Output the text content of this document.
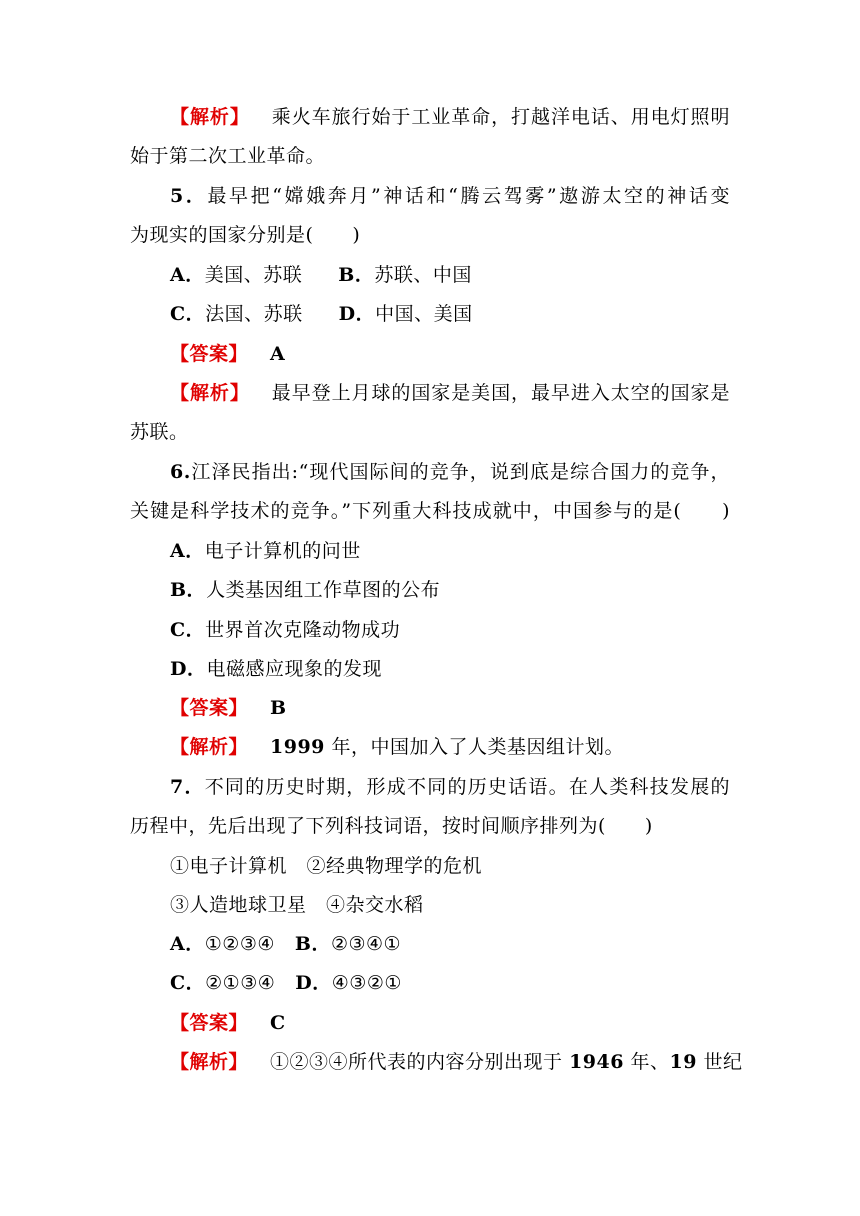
【解析】 乘火车旅行始于工业革命，打越洋电话、用电灯照明
始于第二次工业革命。
5．最早把“嫦娥奔月”神话和“腾云驾雾”遨游太空的神话变
为现实的国家分别是(　　)
A．美国、苏联 B．苏联、中国
C．法国、苏联 D．中国、美国
【答案】 A
【解析】 最早登上月球的国家是美国，最早进入太空的国家是
苏联。
6.江泽民指出:“现代国际间的竞争，说到底是综合国力的竞争，
关键是科学技术的竞争。”下列重大科技成就中，中国参与的是(　　)
A．电子计算机的问世
B．人类基因组工作草图的公布
C．世界首次克隆动物成功
D．电磁感应现象的发现
【答案】 B
【解析】 1999 年，中国加入了人类基因组计划。
7．不同的历史时期，形成不同的历史话语。在人类科技发展的
历程中，先后出现了下列科技词语，按时间顺序排列为(　　)
①电子计算机　②经典物理学的危机
③人造地球卫星　④杂交水稻
A．①②③④ B．②③④①
C．②①③④ D．④③②①
【答案】 C
【解析】 ①②③④所代表的内容分别出现于 1946 年、19 世纪
